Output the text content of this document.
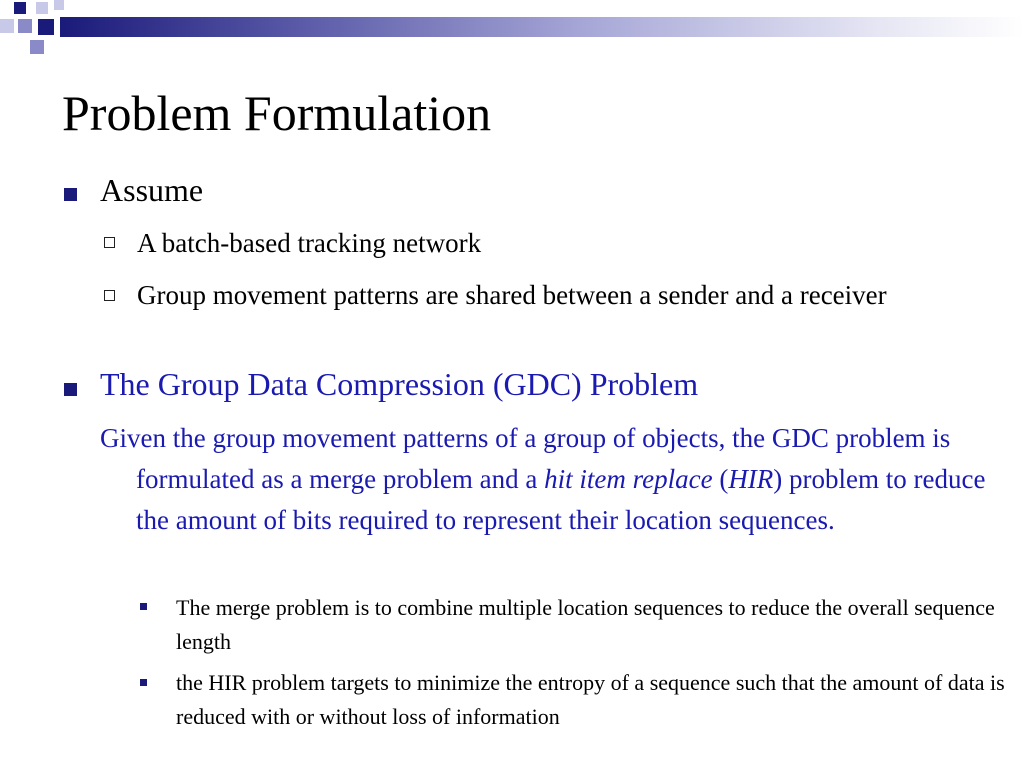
Problem Formulation
Assume
A batch-based tracking network
Group movement patterns are shared between a sender and a receiver
The Group Data Compression (GDC) Problem
Given the group movement patterns of a group of objects, the GDC problem is formulated as a merge problem and a hit item replace (HIR) problem to reduce the amount of bits required to represent their location sequences.
The merge problem is to combine multiple location sequences to reduce the overall sequence length
the HIR problem targets to minimize the entropy of a sequence such that the amount of data is reduced with or without loss of information
